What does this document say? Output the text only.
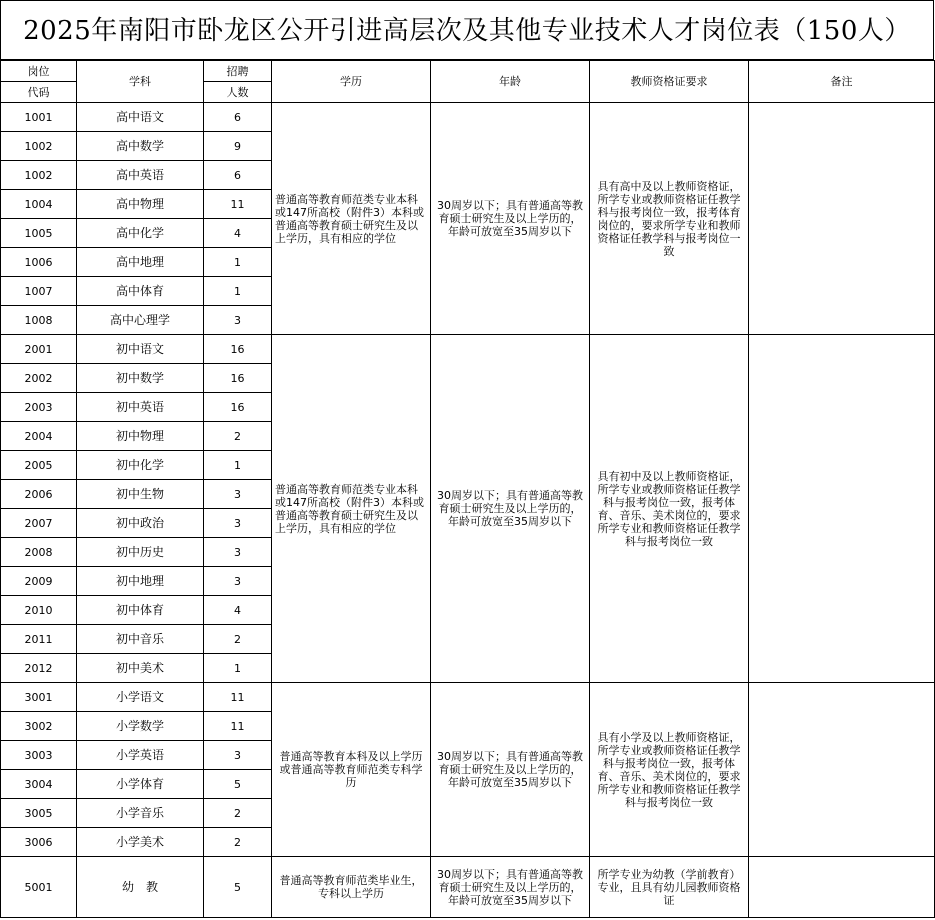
2025年南阳市卧龙区公开引进高层次及其他专业技术人才岗位表（150人）
岗位	学科	招聘	学历	年龄	教师资格证要求	备注
代码		人数				
1001	高中语文	6	普通高等教育师范类专业本科或147所高校（附件3）本科或普通高等教育硕士研究生及以上学历，具有相应的学位	30周岁以下；具有普通高等教育硕士研究生及以上学历的，年龄可放宽至35周岁以下	具有高中及以上教师资格证，所学专业或教师资格证任教学科与报考岗位一致，报考体育岗位的，要求所学专业和教师资格证任教学科与报考岗位一致	
1002	高中数学	9				
1002	高中英语	6				
1004	高中物理	11				
1005	高中化学	4				
1006	高中地理	1				
1007	高中体育	1				
1008	高中心理学	3				
2001	初中语文	16	普通高等教育师范类专业本科或147所高校（附件3）本科或普通高等教育硕士研究生及以上学历，具有相应的学位	30周岁以下；具有普通高等教育硕士研究生及以上学历的，年龄可放宽至35周岁以下	具有初中及以上教师资格证，所学专业或教师资格证任教学科与报考岗位一致，报考体育、音乐、美术岗位的，要求所学专业和教师资格证任教学科与报考岗位一致	
2002	初中数学	16				
2003	初中英语	16				
2004	初中物理	2				
2005	初中化学	1				
2006	初中生物	3				
2007	初中政治	3				
2008	初中历史	3				
2009	初中地理	3				
2010	初中体育	4				
2011	初中音乐	2				
2012	初中美术	1				
3001	小学语文	11	普通高等教育本科及以上学历或普通高等教育师范类专科学历	30周岁以下；具有普通高等教育硕士研究生及以上学历的，年龄可放宽至35周岁以下	具有小学及以上教师资格证，所学专业或教师资格证任教学科与报考岗位一致，报考体育、音乐、美术岗位的，要求所学专业和教师资格证任教学科与报考岗位一致	
3002	小学数学	11				
3003	小学英语	3				
3004	小学体育	5				
3005	小学音乐	2				
3006	小学美术	2				
5001	幼　教	5	普通高等教育师范类毕业生，专科以上学历	30周岁以下；具有普通高等教育硕士研究生及以上学历的，年龄可放宽至35周岁以下	所学专业为幼教（学前教育）专业，且具有幼儿园教师资格证	
